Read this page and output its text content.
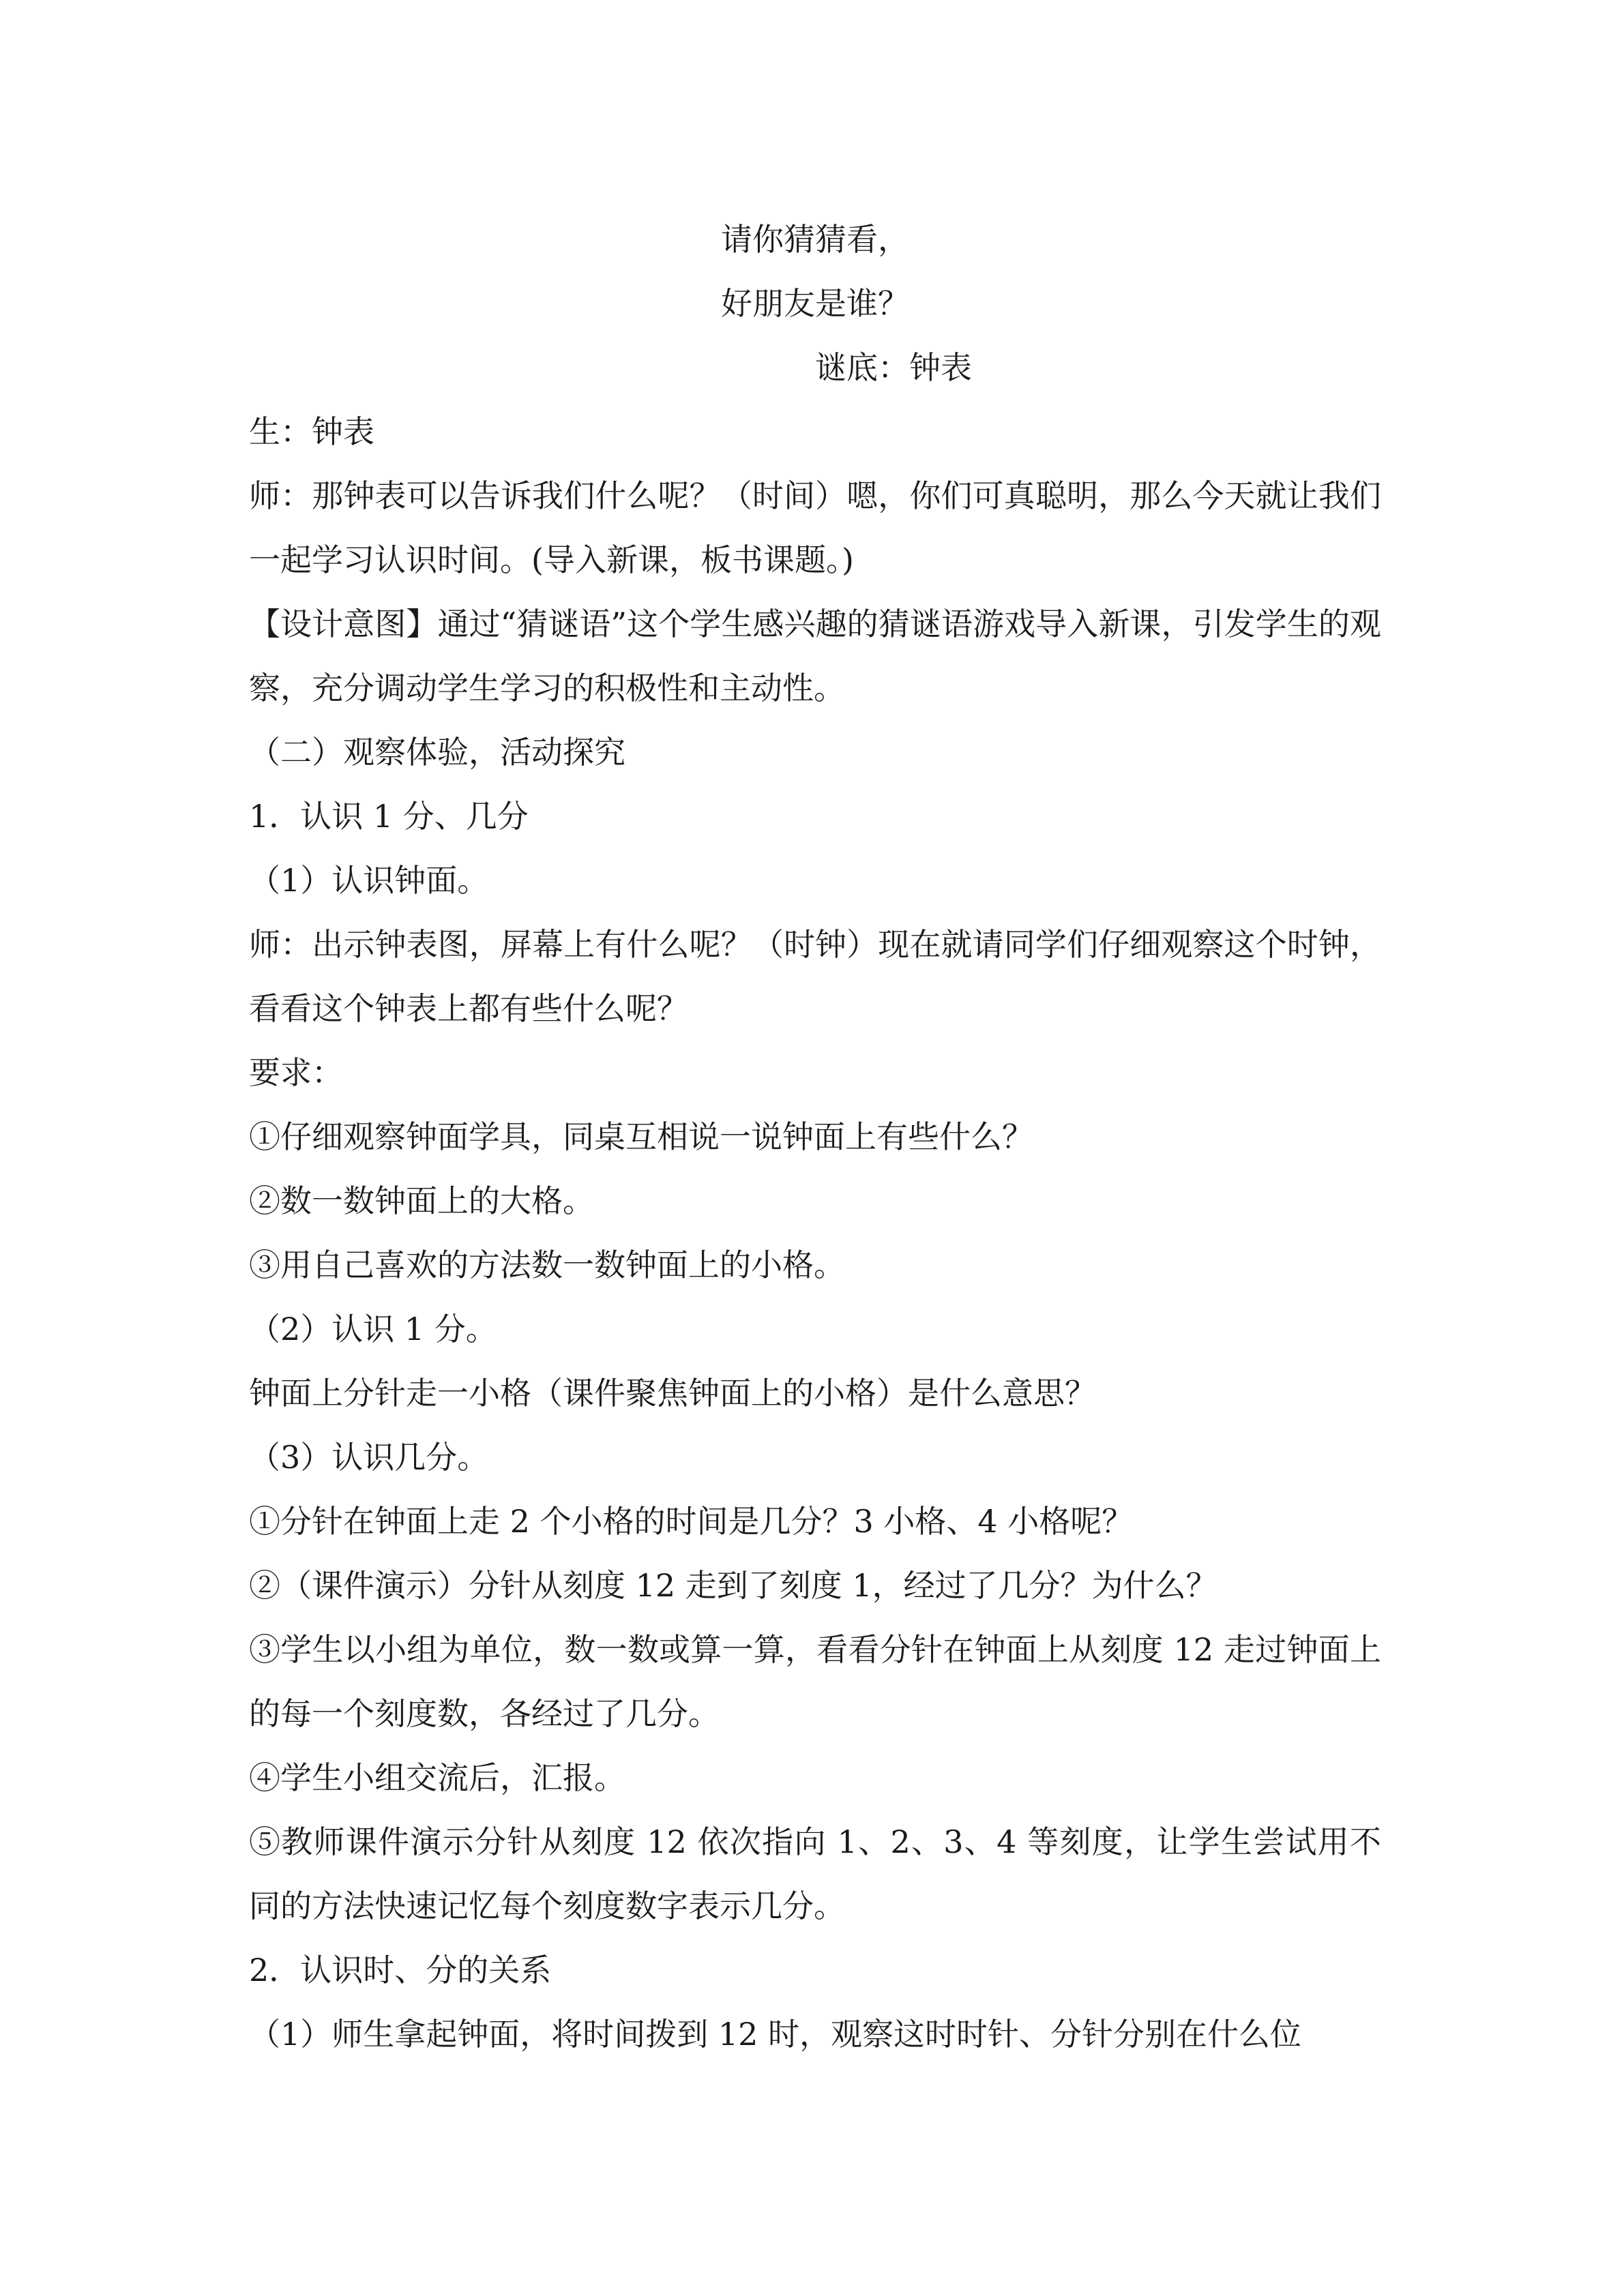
请你猜猜看，
好朋友是谁？
谜底：钟表
生：钟表
师：那钟表可以告诉我们什么呢？（时间）嗯，你们可真聪明，那么今天就让我们一起学习认识时间。(导入新课，板书课题。)
【设计意图】通过“猜谜语”这个学生感兴趣的猜谜语游戏导入新课，引发学生的观察，充分调动学生学习的积极性和主动性。
（二）观察体验，活动探究
1．认识 1 分、几分
（1）认识钟面。
师：出示钟表图，屏幕上有什么呢？（时钟）现在就请同学们仔细观察这个时钟，看看这个钟表上都有些什么呢？
要求：
①仔细观察钟面学具，同桌互相说一说钟面上有些什么？
②数一数钟面上的大格。
③用自己喜欢的方法数一数钟面上的小格。
（2）认识 1 分。
钟面上分针走一小格（课件聚焦钟面上的小格）是什么意思？
（3）认识几分。
①分针在钟面上走 2 个小格的时间是几分？3 小格、4 小格呢？
②（课件演示）分针从刻度 12 走到了刻度 1，经过了几分？为什么？
③学生以小组为单位，数一数或算一算，看看分针在钟面上从刻度 12 走过钟面上的每一个刻度数，各经过了几分。
④学生小组交流后，汇报。
⑤教师课件演示分针从刻度 12 依次指向 1、2、3、4 等刻度，让学生尝试用不同的方法快速记忆每个刻度数字表示几分。
2．认识时、分的关系
（1）师生拿起钟面，将时间拨到 12 时，观察这时时针、分针分别在什么位
